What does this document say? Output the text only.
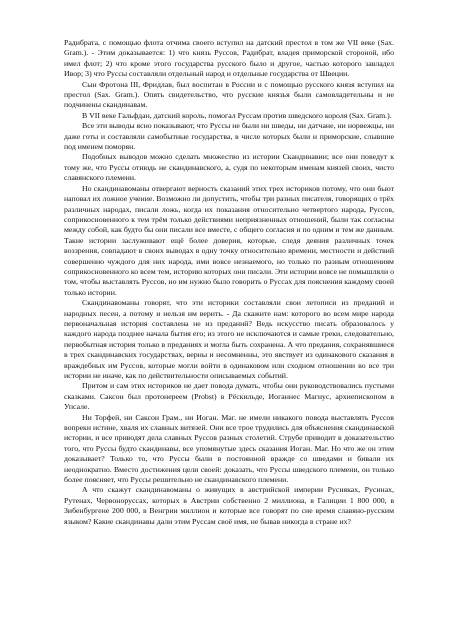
Радибрата, с помощью флота отчима своего вступил на датский престол в том же VII веке (Sax. Gram.). - Этим доказывается: 1) что князь Руссов, Радибрат, владея приморской стороной, ибо имел флот; 2) что кроме этого государства русского было и другое, частью которого завладел Ивор; 3) что Руссы составляли отдельный народ и отдельные государства от Швеции.

Сын Фротона III, Фридлав, был воспитан в России и с помощью русского князя вступил на престол (Sax. Gram.). Опять свидетельство, что русские князья были самовладетельны и не подчинены скандинавам.

В VII веке Гальфдан, датский король, помогал Руссам против шведского короля (Sax. Gram.).

Все эти выводы ясно показывают, что Руссы не были ни шведы, ни датчане, ни норвежцы, ни даже готы и составляли самобытные государства, в числе которых были и приморские, слывшие под именем поморян.

Подобных выводов можно сделать множество из истории Скандинавии; все они поведут к тому же, что Руссы отнюдь не скандинавского, а, судя по некоторым именам князей своих, чисто славянского племени.

Но скандинавоманы отвергают верность сказаний этих трех историков потому, что они бьют наповал их ложное учение. Возможно ли допустить, чтобы три разных писателя, говорящих о трёх различных народах, писали ложь, когда их показания относительно четвертого народа, Руссов, соприкосновенного к тем трём только действиями неприязненных отношений, были так согласны между собой, как будто бы они писали все вместе, с общего согласия и по одним и тем же данным. Такие истории заслуживают ещё более доверия, которые, следя деяния различных точек воззрения, совпадают в своих выводах в одну точку относительно времени, местности и действий совершенно чуждого для них народа, ими вовсе незнаемого, но только по разным отношениям соприкосновенного ко всем тем, историю которых они писали. Эти истории вовсе не помышляли о том, чтобы выставлять Руссов, но им нужно было говорить о Руссах для пояснения каждому своей только истории.

Скандинавоманы говорят, что эти историки составляли свои летописи из преданий и народных песен, а потому и нельзя им верить. - Да скажите нам: которого во всем мире народа первоначальная история составлена не из преданий? Ведь искусство писать образовалось у каждого народа позднее начала бытия его; из этого не исключаются и самые греки, следовательно, первобытная история только в преданиях и могла быть сохранена. А что предания, сохранявшиеся в трех скандинавских государствах, верны и несомненны, это явствует из одинакового сказания в враждебных им Руссов, которые могли войти в одинаковом или сходном отношении во все три истории не иначе, как по действительности описываемых событий.

Притом и сам этих историков не дает повода думать, чтобы они руководствовались пустыми сказками. Саксон был протонереем (Probst) в Рёскильде, Иоганнес Магнус, архиепископом в Упсале.

Ни Торфей, ни Саксон Грам., ни Иоган. Маг. не имели никакого повода выставлять Руссов вопреки истине, хваля их славных витязей. Они все трое трудились для объяснения скандинавской истории, и все приводят дела славных Руссов разных столетий. Струбе приводит в доказательство того, что Руссы будто скандинавы, все упомянутые здесь сказания Иоган. Маг. Но что же он этим доказывает? Только то, что Руссы были в постоянной вражде со шведами и бивали их неоднократно. Вместо достижения цели своей: доказать, что Руссы шведского племени, он только более поясняет, что Руссы решительно не скандинавского племени.

А что скажут скандинавоманы о живущих в австрийской империи Русняках, Русинах, Рутенах, Червоноруссах, которых в Австрии собственно 2 миллиона, в Галиции 1 800 000, в Зибенбургене 200 000, в Венгрии миллион и которые все говорят по сие время славяно-русским языком? Какие скандинавы дали этим Руссам своё имя, не бывав никогда в стране их?
